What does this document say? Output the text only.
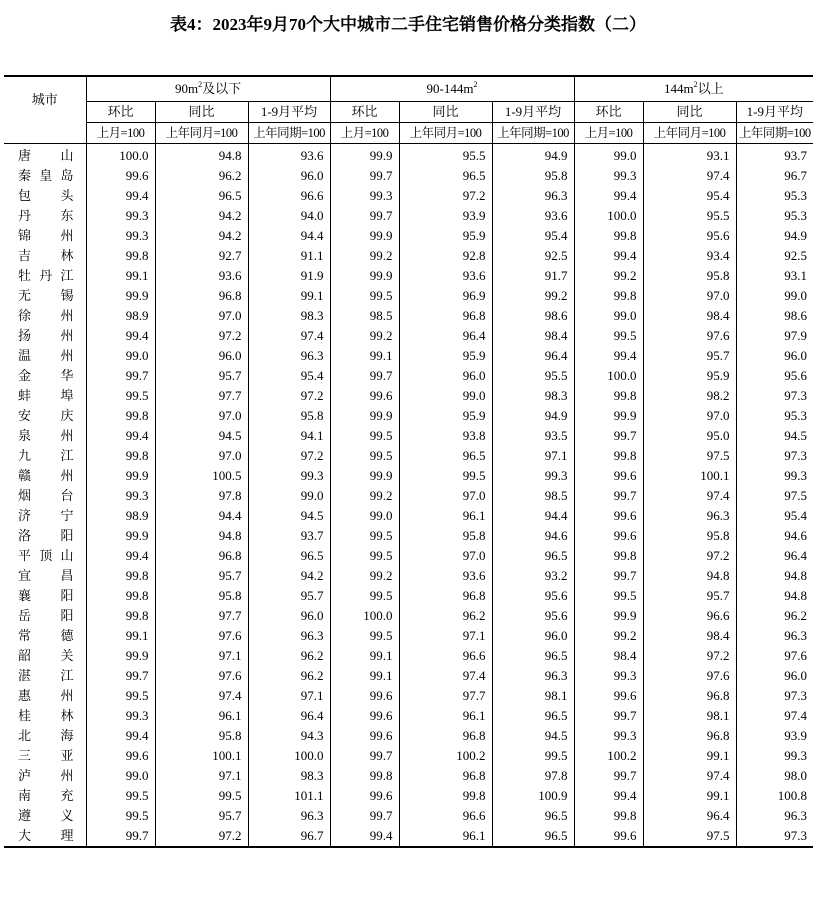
表4：2023年9月70个大中城市二手住宅销售价格分类指数（二）
城市	$90m^2$及以下			$90-144m^2$			$144m^2$以上		
	环比	同比	1-9月平均	环比	同比	1-9月平均	环比	同比	1-9月平均
	上月=100	上年同月=100	上年同期=100	上月=100	上年同月=100	上年同期=100	上月=100	上年同月=100	上年同期=100
唐山	100.0	94.8	93.6	99.9	95.5	94.9	99.0	93.1	93.7
秦皇岛	99.6	96.2	96.0	99.7	96.5	95.8	99.3	97.4	96.7
包头	99.4	96.5	96.6	99.3	97.2	96.3	99.4	95.4	95.3
丹东	99.3	94.2	94.0	99.7	93.9	93.6	100.0	95.5	95.3
锦州	99.3	94.2	94.4	99.9	95.9	95.4	99.8	95.6	94.9
吉林	99.8	92.7	91.1	99.2	92.8	92.5	99.4	93.4	92.5
牡丹江	99.1	93.6	91.9	99.9	93.6	91.7	99.2	95.8	93.1
无锡	99.9	96.8	99.1	99.5	96.9	99.2	99.8	97.0	99.0
徐州	98.9	97.0	98.3	98.5	96.8	98.6	99.0	98.4	98.6
扬州	99.4	97.2	97.4	99.2	96.4	98.4	99.5	97.6	97.9
温州	99.0	96.0	96.3	99.1	95.9	96.4	99.4	95.7	96.0
金华	99.7	95.7	95.4	99.7	96.0	95.5	100.0	95.9	95.6
蚌埠	99.5	97.7	97.2	99.6	99.0	98.3	99.8	98.2	97.3
安庆	99.8	97.0	95.8	99.9	95.9	94.9	99.9	97.0	95.3
泉州	99.4	94.5	94.1	99.5	93.8	93.5	99.7	95.0	94.5
九江	99.8	97.0	97.2	99.5	96.5	97.1	99.8	97.5	97.3
赣州	99.9	100.5	99.3	99.9	99.5	99.3	99.6	100.1	99.3
烟台	99.3	97.8	99.0	99.2	97.0	98.5	99.7	97.4	97.5
济宁	98.9	94.4	94.5	99.0	96.1	94.4	99.6	96.3	95.4
洛阳	99.9	94.8	93.7	99.5	95.8	94.6	99.6	95.8	94.6
平顶山	99.4	96.8	96.5	99.5	97.0	96.5	99.8	97.2	96.4
宜昌	99.8	95.7	94.2	99.2	93.6	93.2	99.7	94.8	94.8
襄阳	99.8	95.8	95.7	99.5	96.8	95.6	99.5	95.7	94.8
岳阳	99.8	97.7	96.0	100.0	96.2	95.6	99.9	96.6	96.2
常德	99.1	97.6	96.3	99.5	97.1	96.0	99.2	98.4	96.3
韶关	99.9	97.1	96.2	99.1	96.6	96.5	98.4	97.2	97.6
湛江	99.7	97.6	96.2	99.1	97.4	96.3	99.3	97.6	96.0
惠州	99.5	97.4	97.1	99.6	97.7	98.1	99.6	96.8	97.3
桂林	99.3	96.1	96.4	99.6	96.1	96.5	99.7	98.1	97.4
北海	99.4	95.8	94.3	99.6	96.8	94.5	99.3	96.8	93.9
三亚	99.6	100.1	100.0	99.7	100.2	99.5	100.2	99.1	99.3
泸州	99.0	97.1	98.3	99.8	96.8	97.8	99.7	97.4	98.0
南充	99.5	99.5	101.1	99.6	99.8	100.9	99.4	99.1	100.8
遵义	99.5	95.7	96.3	99.7	96.6	96.5	99.8	96.4	96.3
大理	99.7	97.2	96.7	99.4	96.1	96.5	99.6	97.5	97.3
